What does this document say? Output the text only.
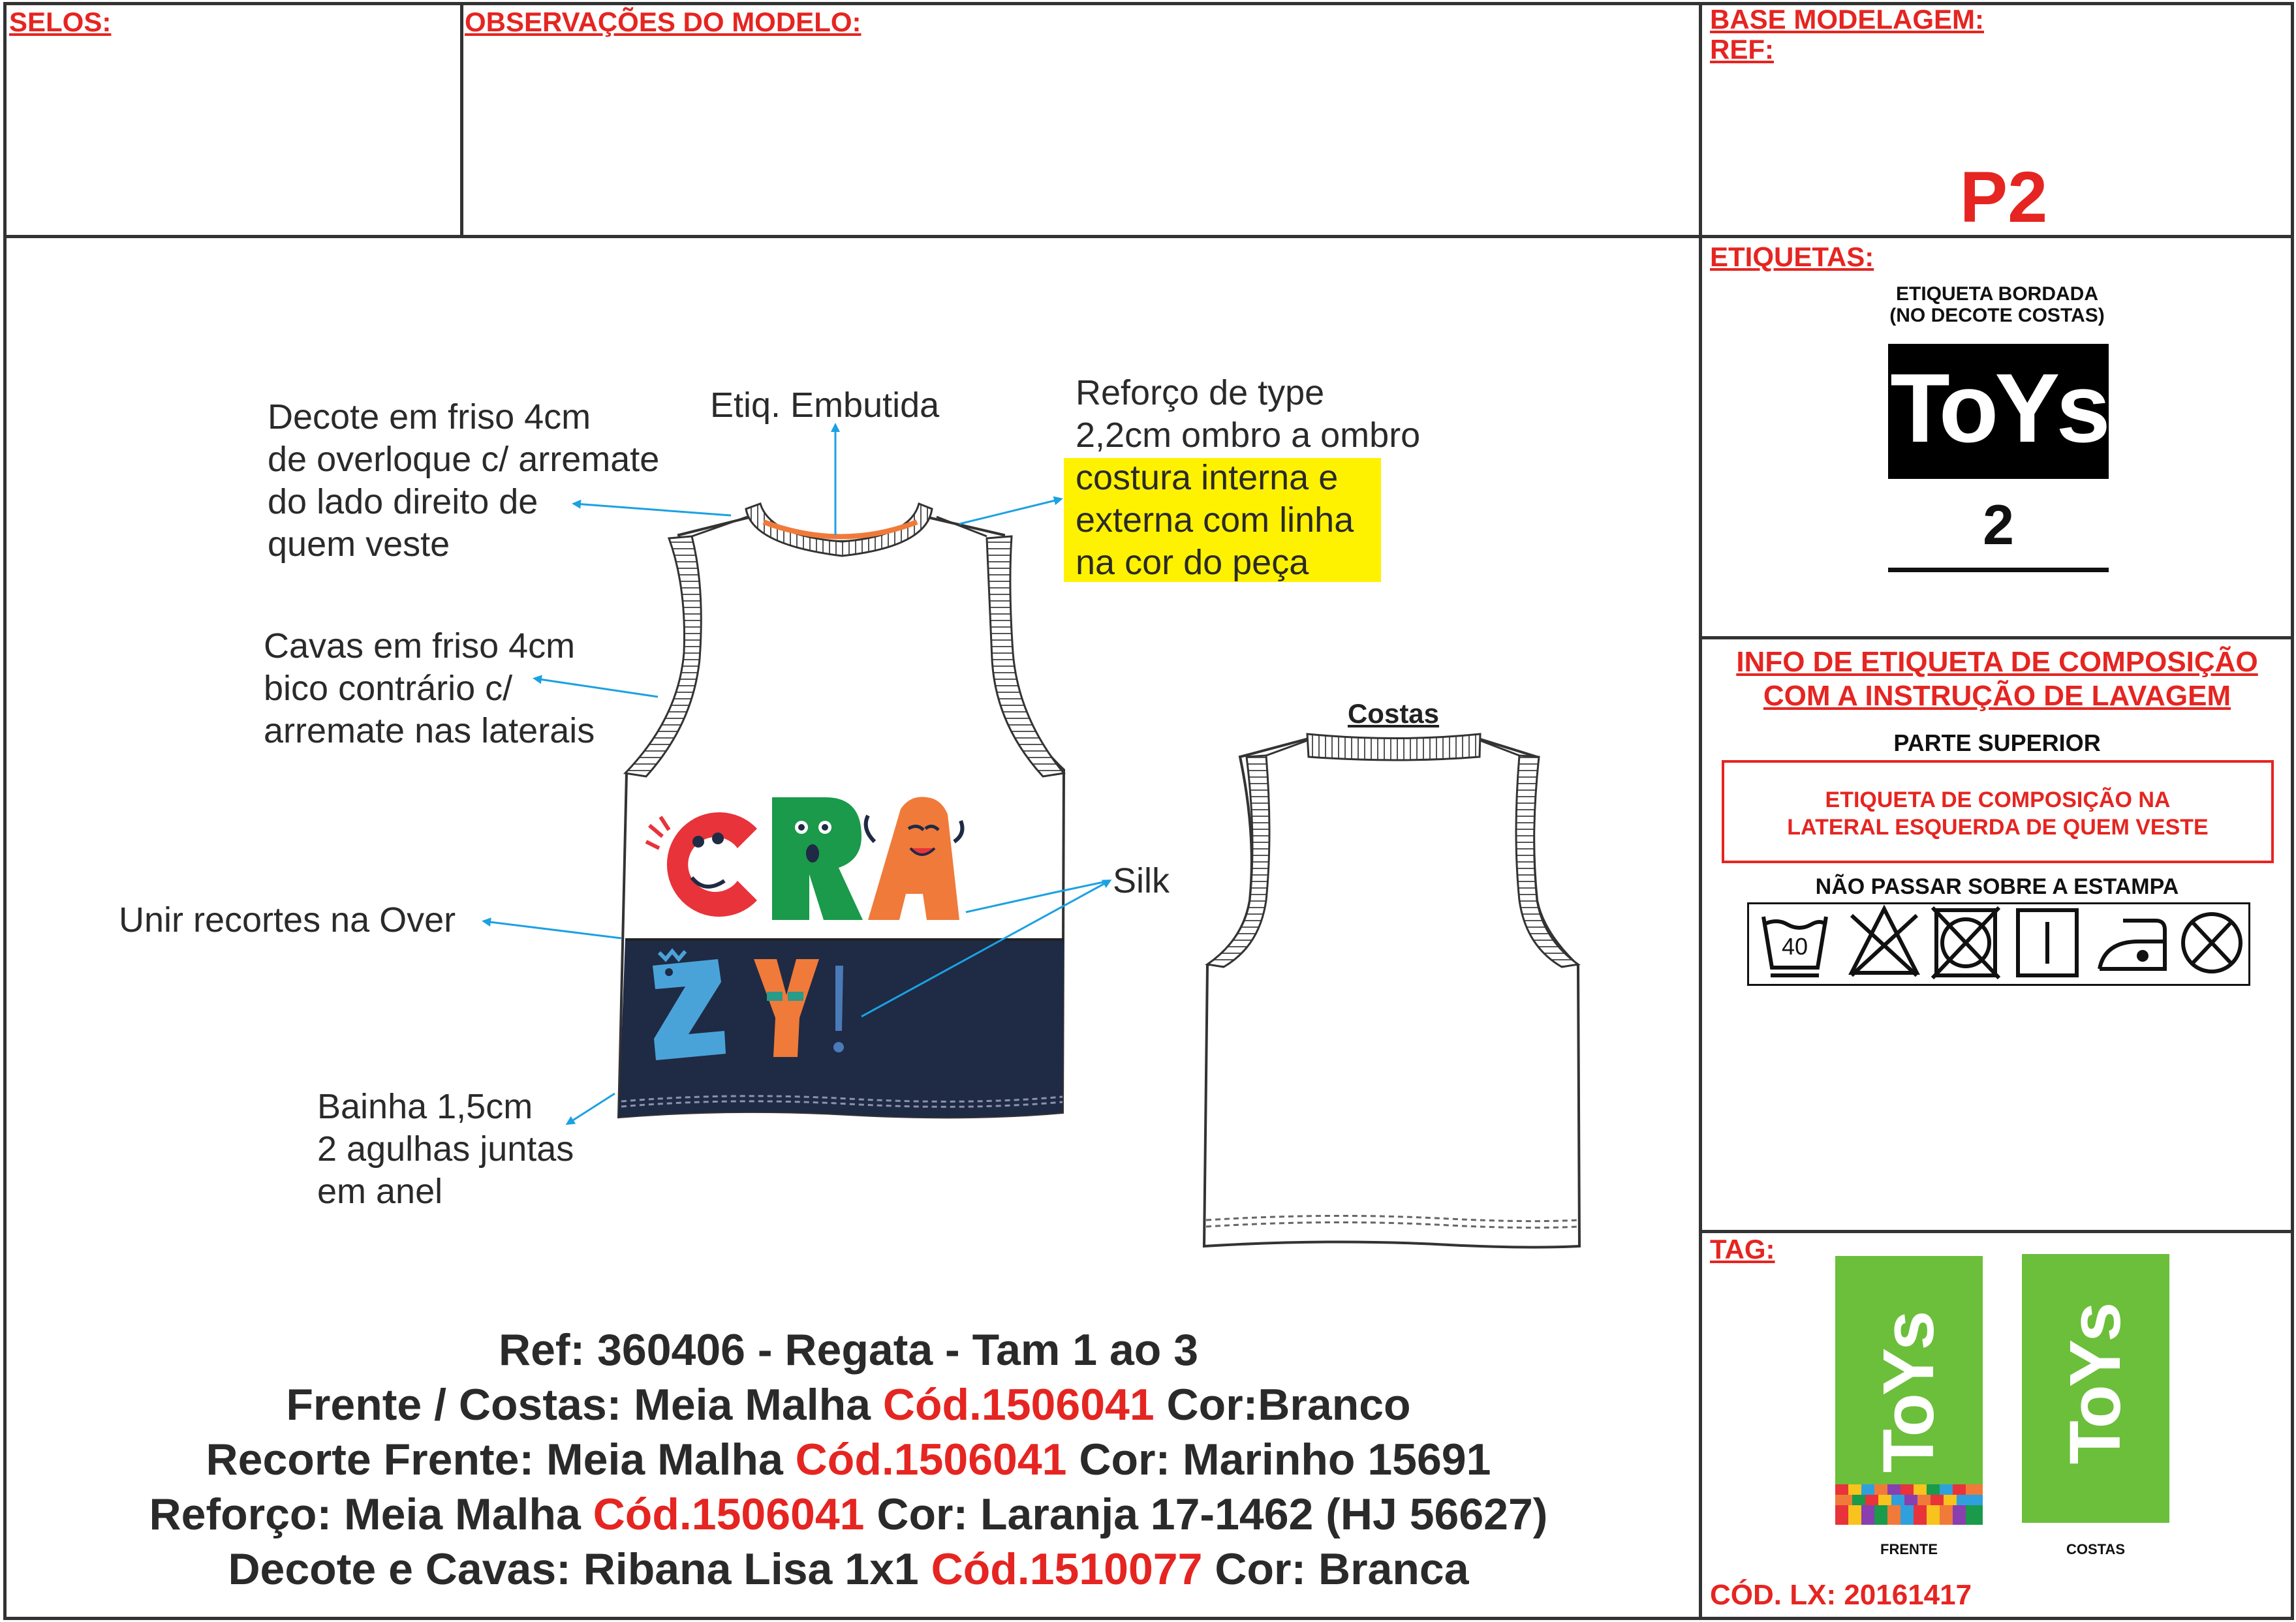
SELOS:	OBSERVAÇÕES DO MODELO:	BASE MODELAGEM:
REF:
P2
ETIQUETAS:
ETIQUETA BORDADA
(NO DECOTE COSTAS)
ToYs
2
INFO DE ETIQUETA DE COMPOSIÇÃO
COM A INSTRUÇÃO DE LAVAGEM
PARTE SUPERIOR
ETIQUETA DE COMPOSIÇÃO NA
LATERAL ESQUERDA DE QUEM VESTE
NÃO PASSAR SOBRE A ESTAMPA
40
TAG:
ToYs ToYs
FRENTE	COSTAS
CÓD. LX: 20161417
Decote em friso 4cm
de overloque c/ arremate
do lado direito de
quem veste
Etiq. Embutida	Reforço de type
2,2cm ombro a ombro
costura interna e
externa com linha
na cor do peça
Cavas em friso 4cm
bico contrário c/
arremate nas laterais
Unir recortes na Over
Silk
Bainha 1,5cm
2 agulhas juntas
em anel
Costas
Ref: 360406 - Regata - Tam 1 ao 3
Frente / Costas: Meia Malha Cód.1506041 Cor:Branco
Recorte Frente: Meia Malha Cód.1506041 Cor: Marinho 15691
Reforço: Meia Malha Cód.1506041 Cor: Laranja 17-1462 (HJ 56627)
Decote e Cavas: Ribana Lisa 1x1 Cód.1510077 Cor: Branca
